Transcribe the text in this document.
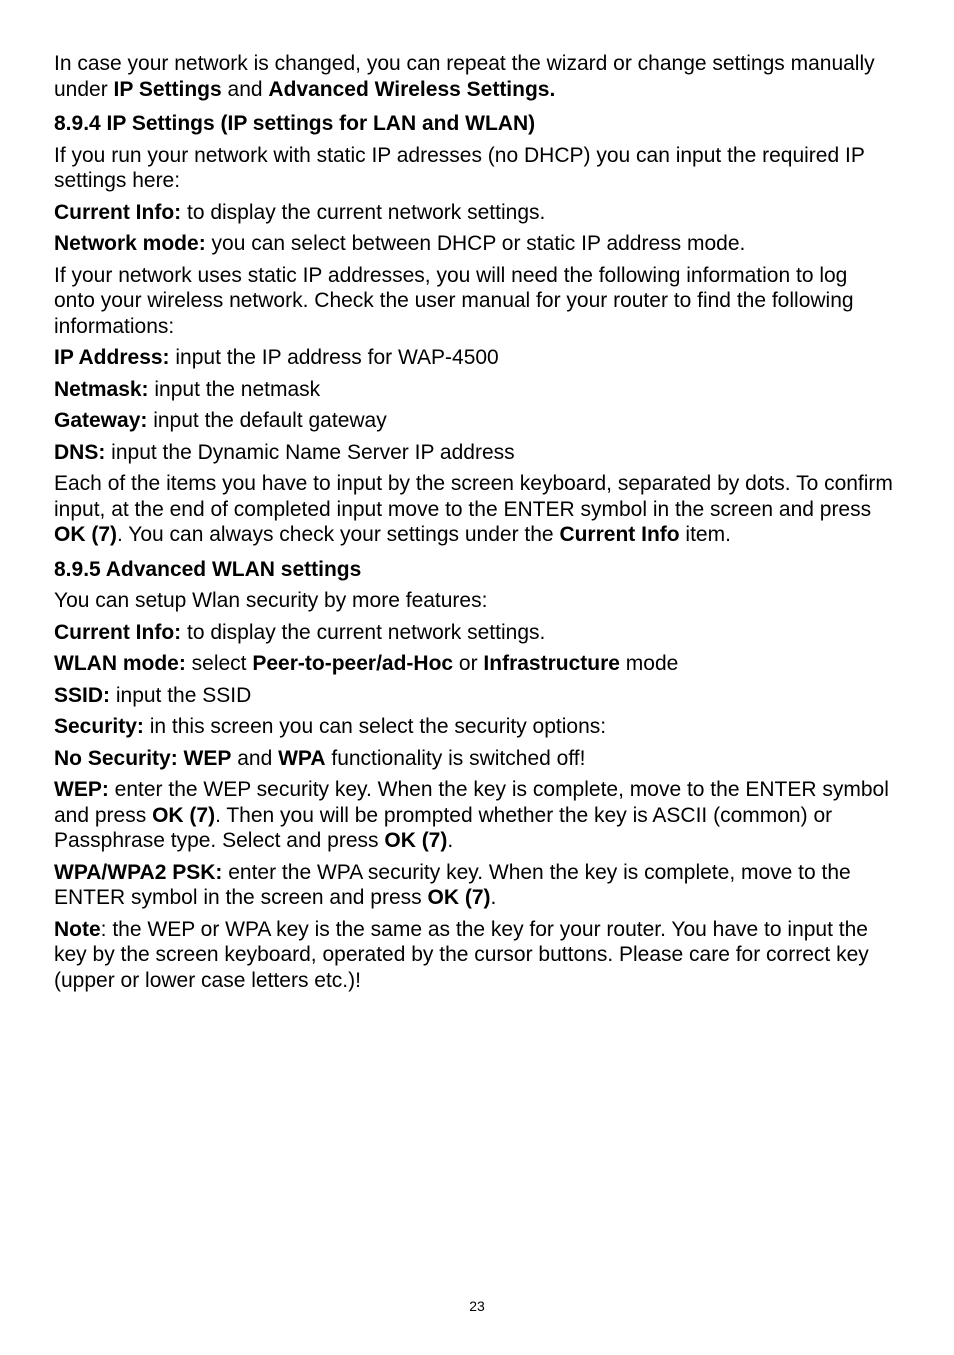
In case your network is changed, you can repeat the wizard or change settings manually under IP Settings and Advanced Wireless Settings.

8.9.4 IP Settings (IP settings for LAN and WLAN)

If you run your network with static IP adresses (no DHCP) you can input the required IP settings here:

Current Info: to display the current network settings.

Network mode: you can select between DHCP or static IP address mode.

If your network uses static IP addresses, you will need the following information to log onto your wireless network. Check the user manual for your router to find the following informations:

IP Address: input the IP address for WAP-4500

Netmask: input the netmask

Gateway: input the default gateway

DNS: input the Dynamic Name Server IP address

Each of the items you have to input by the screen keyboard, separated by dots. To confirm input, at the end of completed input move to the ENTER symbol in the screen and press OK (7). You can always check your settings under the Current Info item.

8.9.5 Advanced WLAN settings

You can setup Wlan security by more features:

Current Info: to display the current network settings.

WLAN mode: select Peer-to-peer/ad-Hoc or Infrastructure mode

SSID: input the SSID

Security: in this screen you can select the security options:

No Security: WEP and WPA functionality is switched off!

WEP: enter the WEP security key. When the key is complete, move to the ENTER symbol and press OK (7). Then you will be prompted whether the key is ASCII (common) or Passphrase type. Select and press OK (7).

WPA/WPA2 PSK: enter the WPA security key. When the key is complete, move to the ENTER symbol in the screen and press OK (7).

Note: the WEP or WPA key is the same as the key for your router. You have to input the key by the screen keyboard, operated by the cursor buttons. Please care for correct key (upper or lower case letters etc.)!

23
